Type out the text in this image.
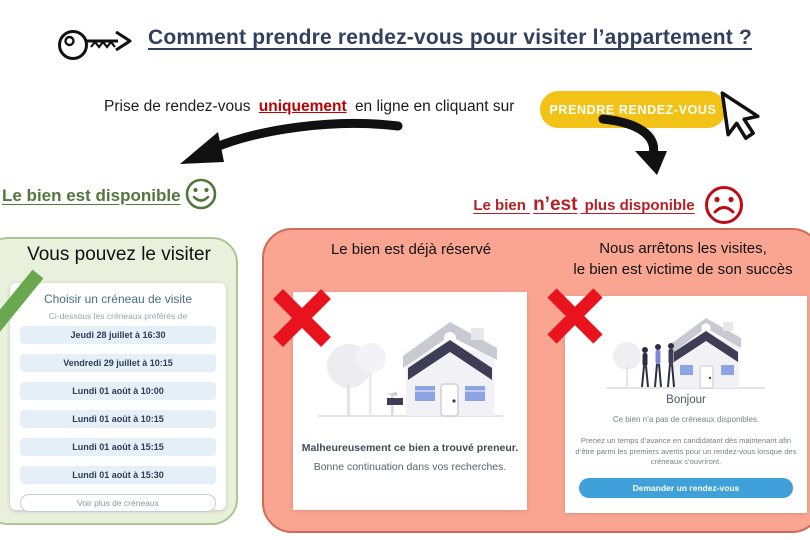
Comment prendre rendez-vous pour visiter l’appartement ?
Prise de rendez-vous uniquement en ligne en cliquant sur	PRENDRE RENDEZ-VOUS
Le bien est disponible
Vous pouvez le visiter
Choisir un créneau de visite
Ci-dessous les créneaux préférés de
Jeudi 28 juillet à 16:30
Vendredi 29 juillet à 10:15
Lundi 01 août à 10:00
Lundi 01 août à 10:15
Lundi 01 août à 15:15
Lundi 01 août à 15:30
Voir plus de créneaux
Le bien n’est plus disponible
Le bien est déjà réservé
Malheureusement ce bien a trouvé preneur.
Bonne continuation dans vos recherches.
Nous arrêtons les visites,
le bien est victime de son succès
Bonjour
Ce bien n’a pas de créneaux disponibles.
Prenez un temps d’avance en candidatant dès maintenant afin d’être parmi les premiers avertis pour un rendez-vous lorsque des créneaux s’ouvriront.
Demander un rendez-vous
